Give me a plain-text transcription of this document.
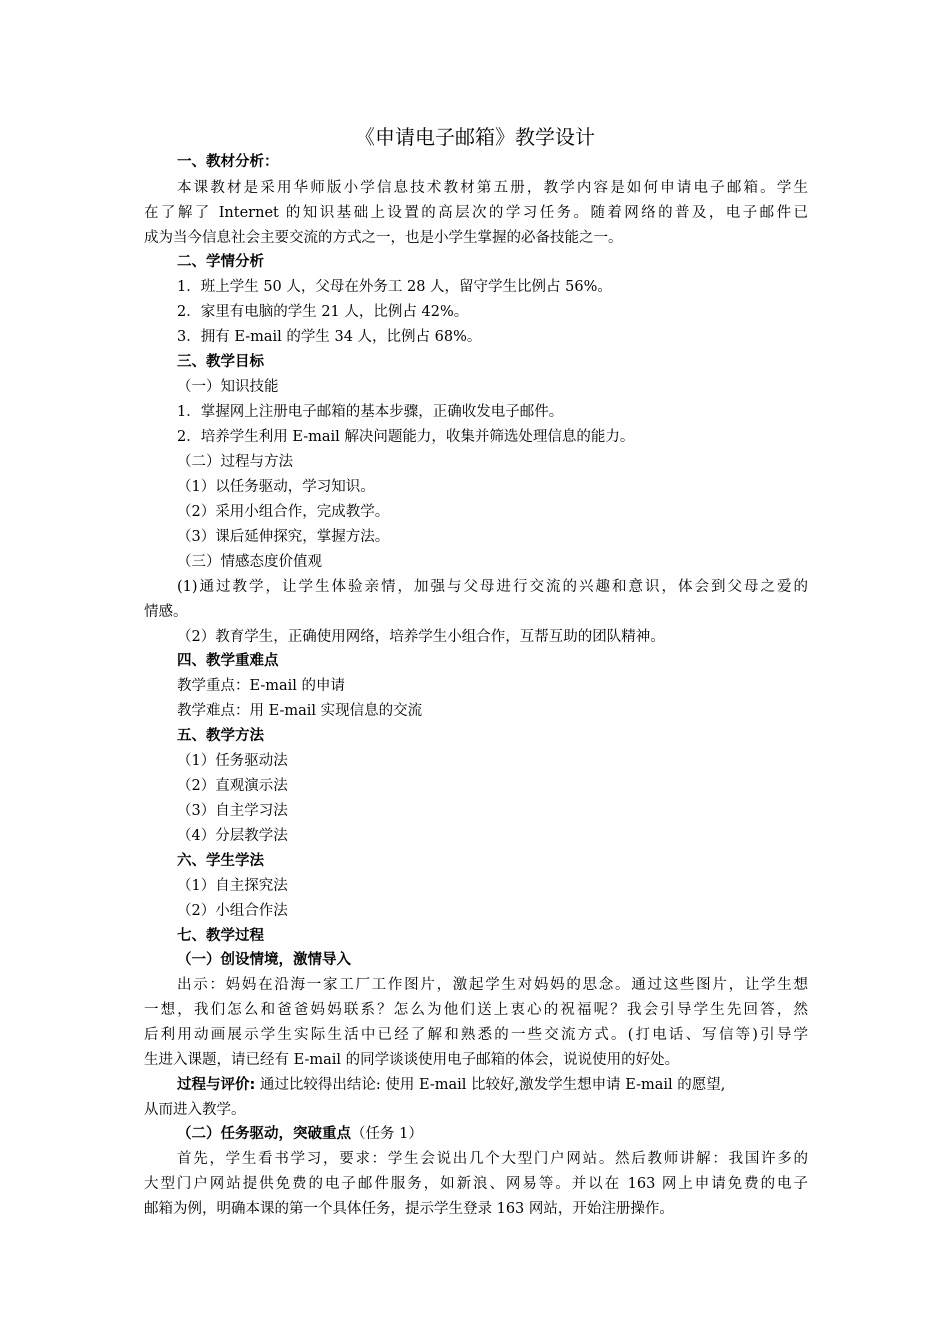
《申请电子邮箱》教学设计
一、教材分析：
本课教材是采用华师版小学信息技术教材第五册，教学内容是如何申请电子邮箱。学生
在了解了 Internet 的知识基础上设置的高层次的学习任务。随着网络的普及，电子邮件已
成为当今信息社会主要交流的方式之一，也是小学生掌握的必备技能之一。
二、学情分析
1．班上学生 50 人，父母在外务工 28 人，留守学生比例占 56%。
2．家里有电脑的学生 21 人，比例占 42%。
3．拥有 E-mail 的学生 34 人，比例占 68%。
三、教学目标
（一）知识技能
1．掌握网上注册电子邮箱的基本步骤，正确收发电子邮件。
2．培养学生利用 E-mail 解决问题能力，收集并筛选处理信息的能力。
（二）过程与方法
（1）以任务驱动，学习知识。
（2）采用小组合作，完成教学。
（3）课后延伸探究，掌握方法。
（三）情感态度价值观
(1)通过教学，让学生体验亲情，加强与父母进行交流的兴趣和意识，体会到父母之爱的
情感。
（2）教育学生，正确使用网络，培养学生小组合作，互帮互助的团队精神。
四、教学重难点
教学重点：E-mail 的申请
教学难点：用 E-mail 实现信息的交流
五、教学方法
（1）任务驱动法
（2）直观演示法
（3）自主学习法
（4）分层教学法
六、学生学法
（1）自主探究法
（2）小组合作法
七、教学过程
（一）创设情境，激情导入
出示：妈妈在沿海一家工厂工作图片，激起学生对妈妈的思念。通过这些图片，让学生想
一想，我们怎么和爸爸妈妈联系？怎么为他们送上衷心的祝福呢？我会引导学生先回答，然
后利用动画展示学生实际生活中已经了解和熟悉的一些交流方式。(打电话、写信等)引导学
生进入课题，请已经有 E-mail 的同学谈谈使用电子邮箱的体会，说说使用的好处。
过程与评价: 通过比较得出结论: 使用 E-mail 比较好,激发学生想申请 E-mail 的愿望,
从而进入教学。
（二）任务驱动，突破重点（任务 1）
首先，学生看书学习，要求：学生会说出几个大型门户网站。然后教师讲解：我国许多的
大型门户网站提供免费的电子邮件服务，如新浪、网易等。并以在 163 网上申请免费的电子
邮箱为例，明确本课的第一个具体任务，提示学生登录 163 网站，开始注册操作。
